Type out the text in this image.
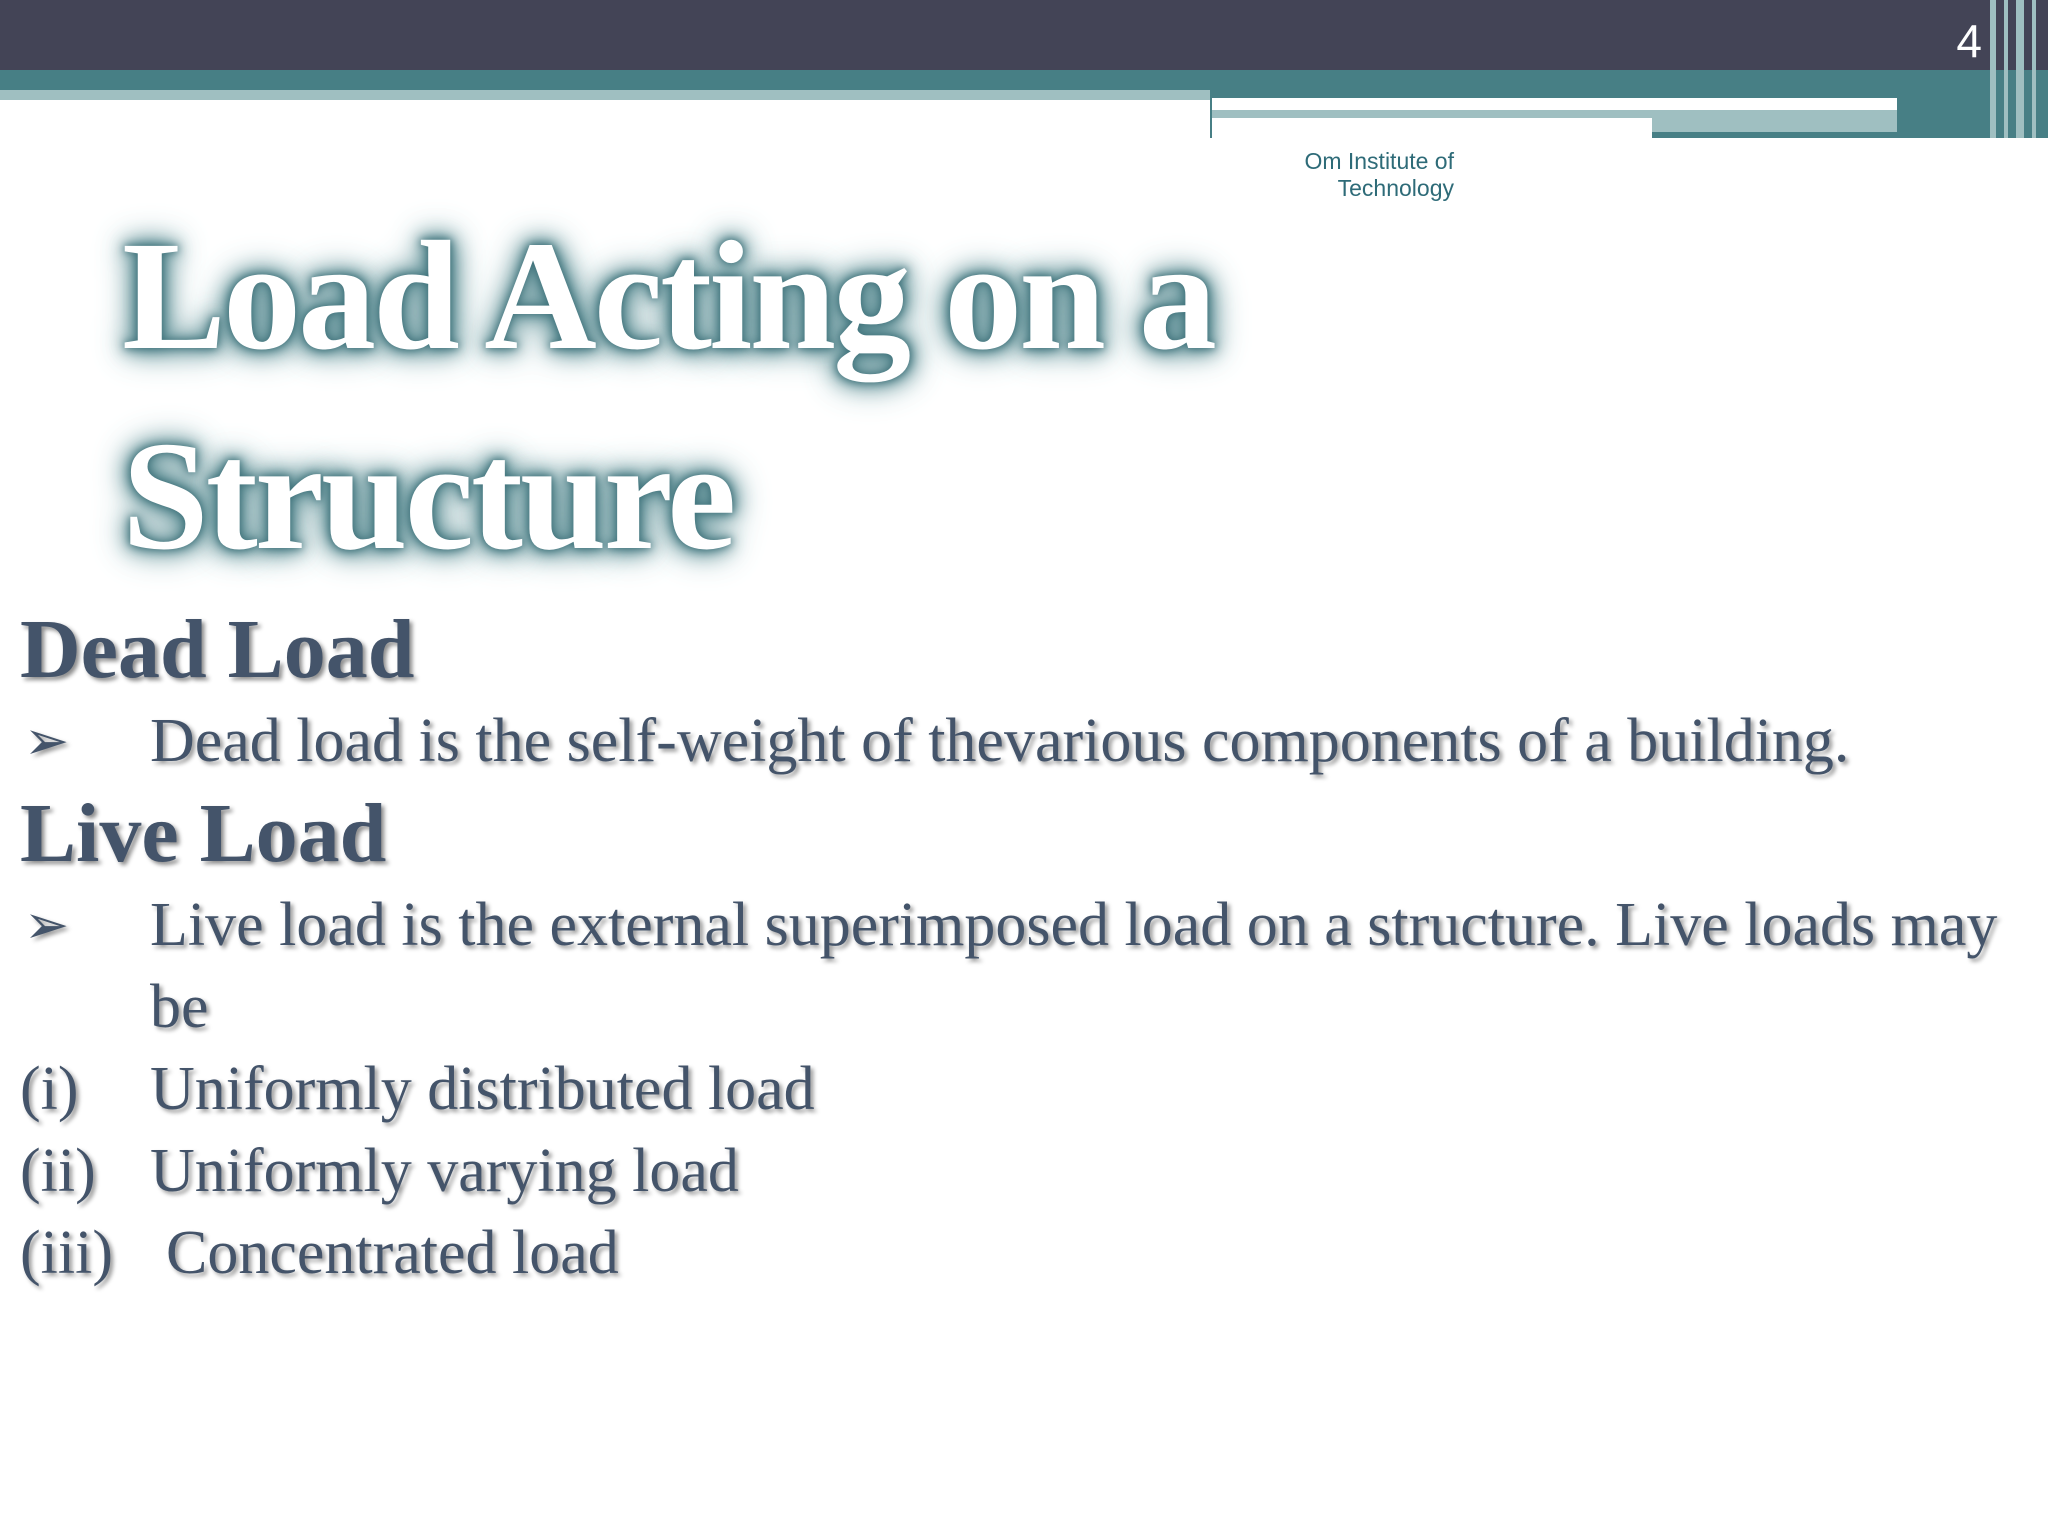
4
Om Institute of
Technology
Load Acting on a
Structure
Dead Load
➢ Dead load is the self-weight of thevarious components of a building.
Live Load
➢ Live load is the external superimposed load on a structure. Live loads may be
(i) Uniformly distributed load
(ii) Uniformly varying load
(iii) Concentrated load
